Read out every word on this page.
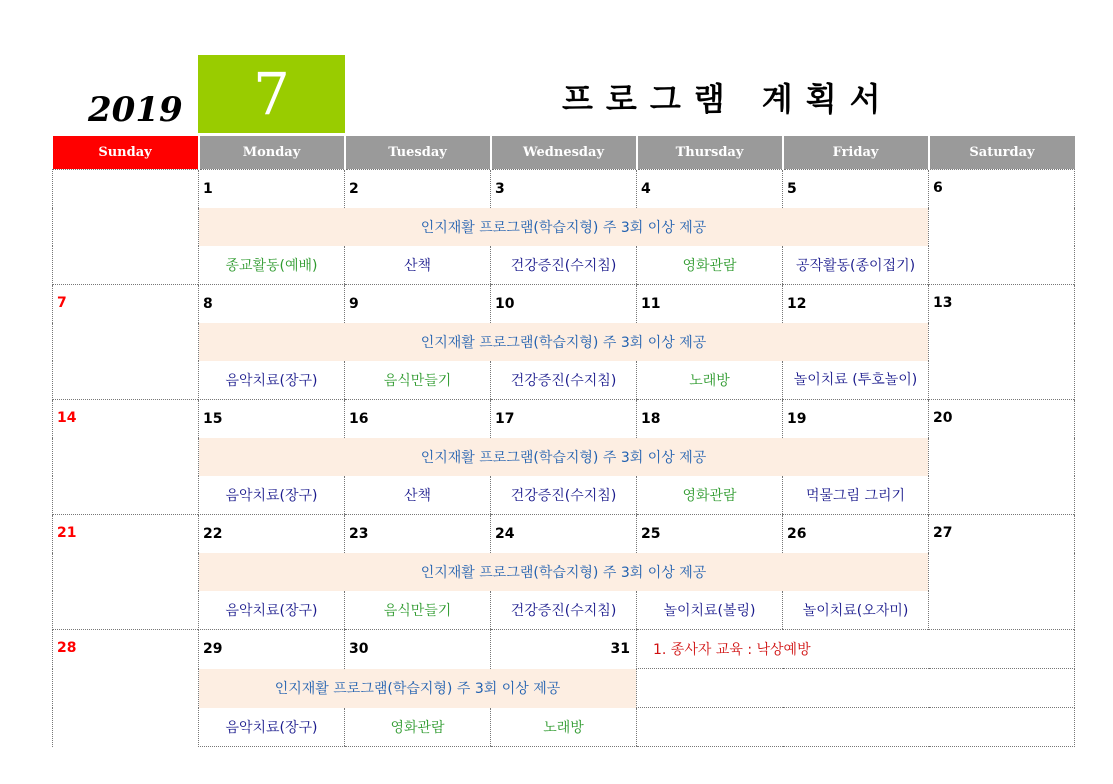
2019	7	프로그램 계획서
Sunday	Monday	Tuesday	Wednesday	Thursday	Friday	Saturday
	1	2	3	4	5	6
	인지재활 프로그램(학습지형) 주 3회 이상 제공					
	종교활동(예배)	산책	건강증진(수지침)	영화관람	공작활동(종이접기)	
7	8	9	10	11	12	13
	인지재활 프로그램(학습지형) 주 3회 이상 제공					
	음악치료(장구)	음식만들기	건강증진(수지침)	노래방	놀이치료 (투호놀이)	
14	15	16	17	18	19	20
	인지재활 프로그램(학습지형) 주 3회 이상 제공					
	음악치료(장구)	산책	건강증진(수지침)	영화관람	먹물그림 그리기	
21	22	23	24	25	26	27
	인지재활 프로그램(학습지형) 주 3회 이상 제공					
	음악치료(장구)	음식만들기	건강증진(수지침)	놀이치료(볼링)	놀이치료(오자미)	
28	29	30	31	1. 종사자 교육 : 낙상예방		
	인지재활 프로그램(학습지형) 주 3회 이상 제공					
	음악치료(장구)	영화관람	노래방			
